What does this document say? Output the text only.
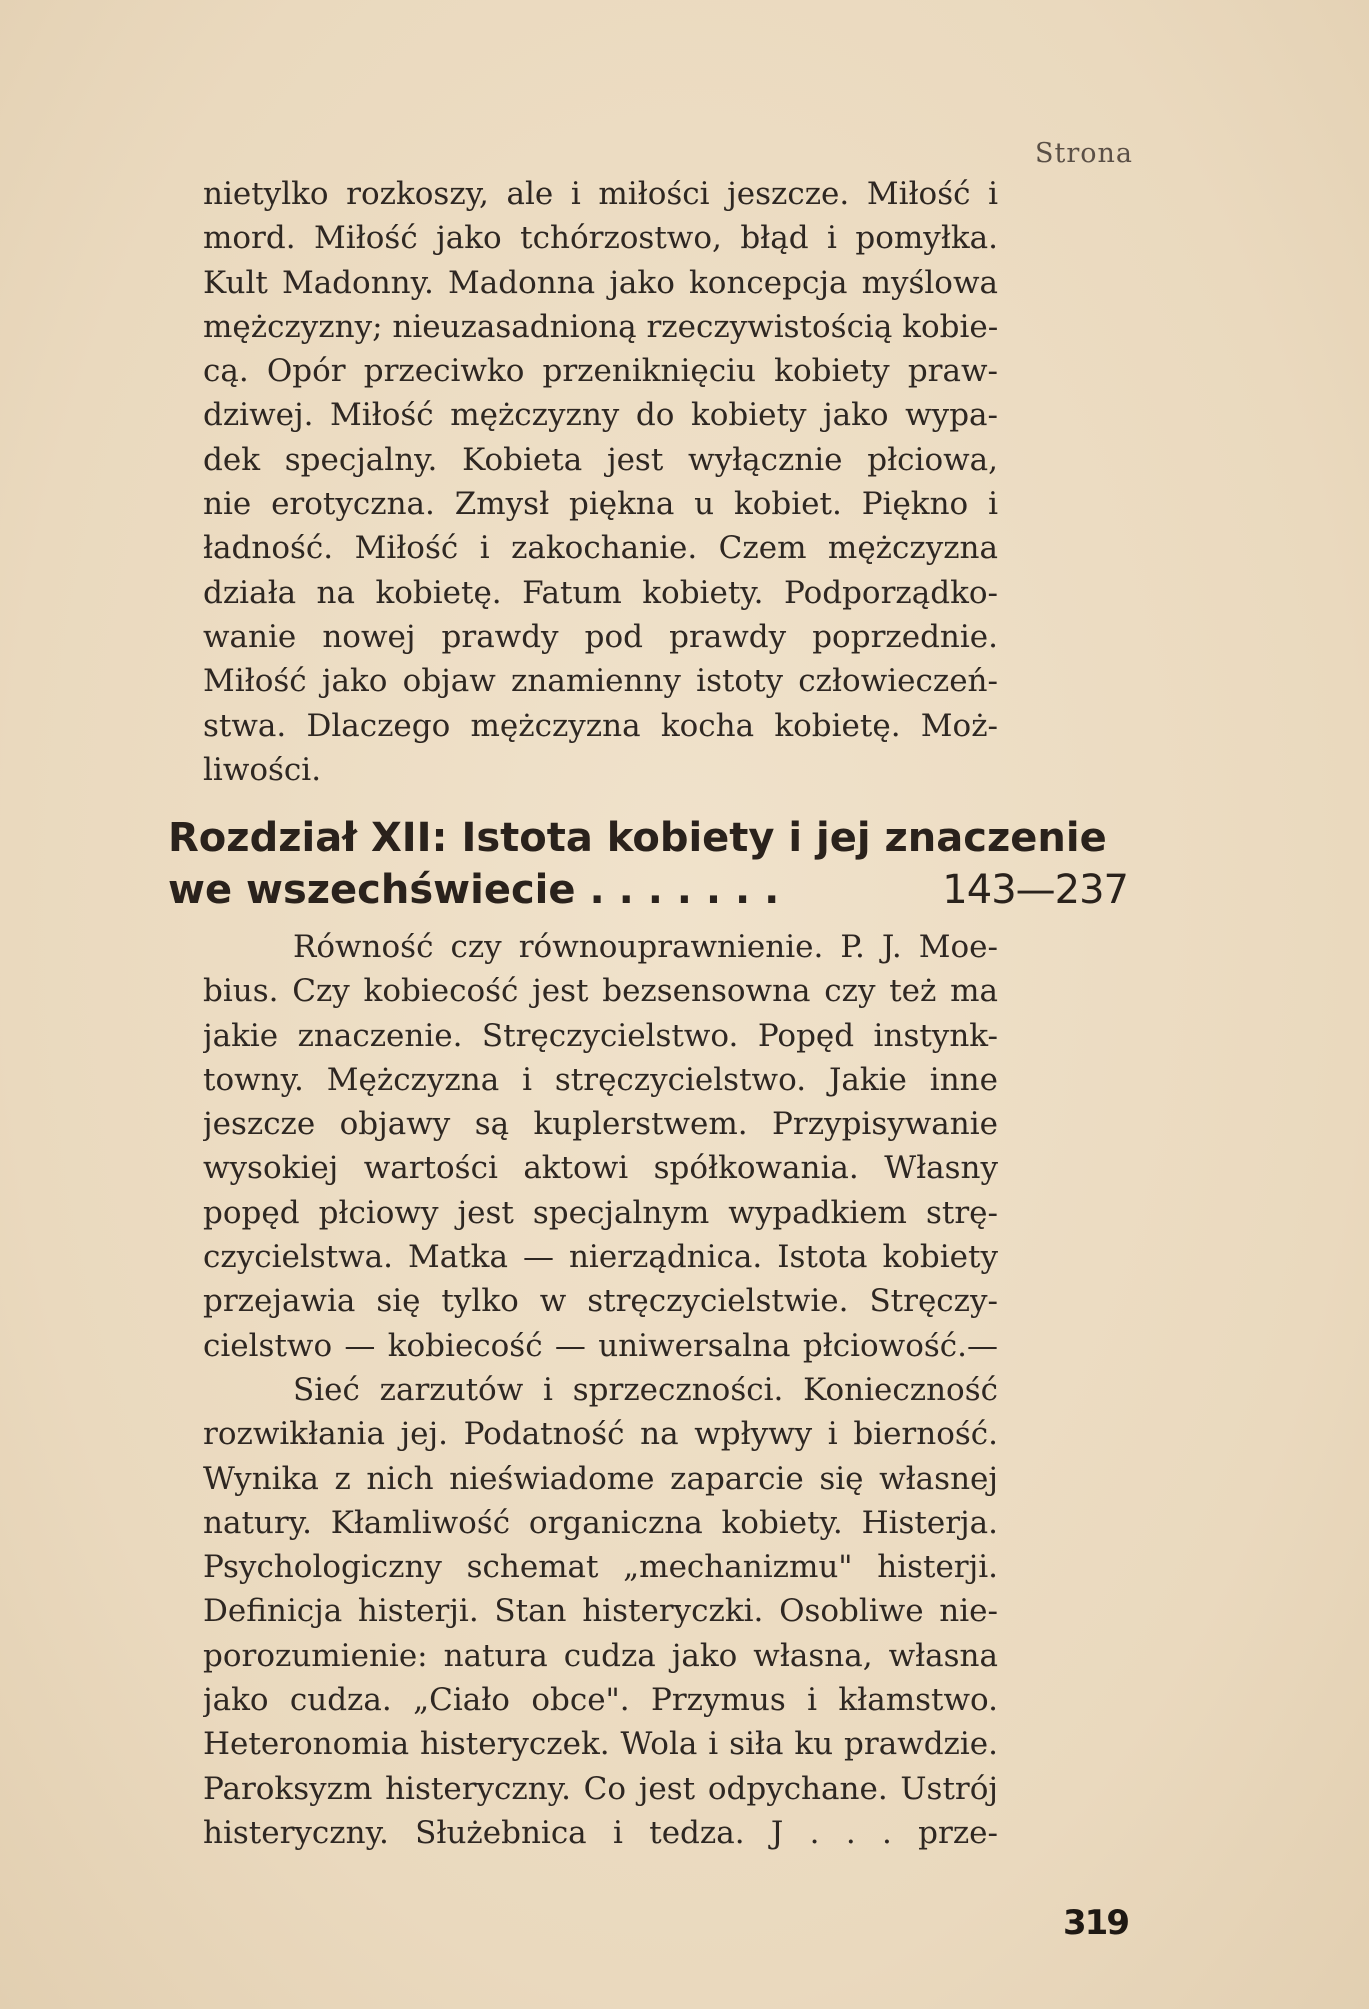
Strona

nietylko rozkoszy, ale i miłości jeszcze. Miłość i

mord. Miłość jako tchórzostwo, błąd i pomyłka.

Kult Madonny. Madonna jako koncepcja myślowa

mężczyzny; nieuzasadnioną rzeczywistością kobie-

cą. Opór przeciwko przeniknięciu kobiety praw-

dziwej. Miłość mężczyzny do kobiety jako wypa-

dek specjalny. Kobieta jest wyłącznie płciowa,

nie erotyczna. Zmysł piękna u kobiet. Piękno i

ładność. Miłość i zakochanie. Czem mężczyzna

działa na kobietę. Fatum kobiety. Podporządko-

wanie nowej prawdy pod prawdy poprzednie.

Miłość jako objaw znamienny istoty człowieczeń-

stwa. Dlaczego mężczyzna kocha kobietę. Moż-

liwości.

Rozdział XII: Istota kobiety i jej znaczenie
we wszechświecie . . . . . . .	143—237

Równość czy równouprawnienie. P. J. Moe-

bius. Czy kobiecość jest bezsensowna czy też ma

jakie znaczenie. Stręczycielstwo. Popęd instynk-

towny. Mężczyzna i stręczycielstwo. Jakie inne

jeszcze objawy są kuplerstwem. Przypisywanie

wysokiej wartości aktowi spółkowania. Własny

popęd płciowy jest specjalnym wypadkiem strę-

czycielstwa. Matka — nierządnica. Istota kobiety

przejawia się tylko w stręczycielstwie. Stręczy-

cielstwo — kobiecość — uniwersalna płciowość.—

Sieć zarzutów i sprzeczności. Konieczność

rozwikłania jej. Podatność na wpływy i bierność.

Wynika z nich nieświadome zaparcie się własnej

natury. Kłamliwość organiczna kobiety. Histerja.

Psychologiczny schemat „mechanizmu" histerji.

Definicja histerji. Stan histeryczki. Osobliwe nie-

porozumienie: natura cudza jako własna, własna

jako cudza. „Ciało obce". Przymus i kłamstwo.

Heteronomia histeryczek. Wola i siła ku prawdzie.

Paroksyzm histeryczny. Co jest odpychane. Ustrój

histeryczny. Służebnica i tedza. J . . . prze-

319
